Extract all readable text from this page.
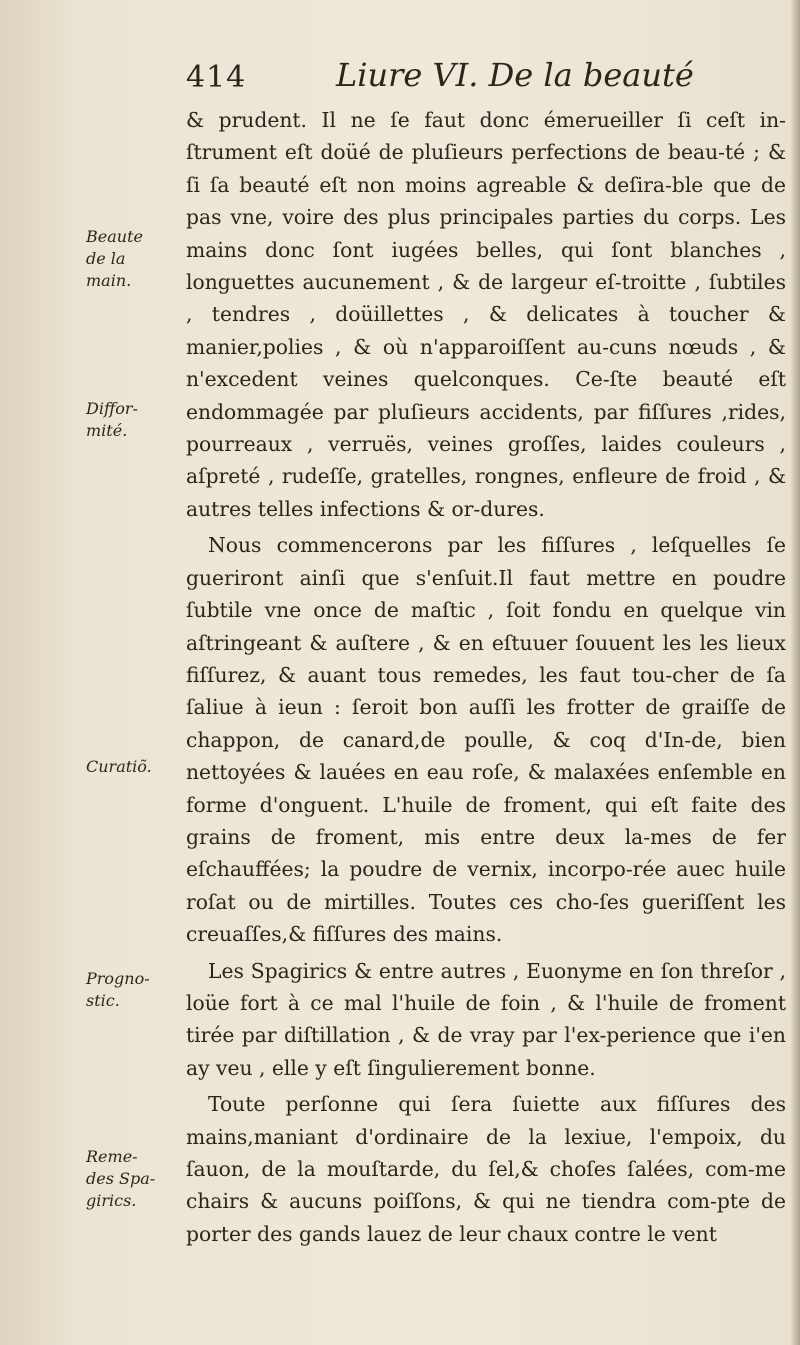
414	Liure VI. De la beauté
Beaute
de la
main.
Diffor-
mité.
Curatiõ.
Progno-
stic.
Reme-
des Spa-
girics.

& prudent. Il ne ſe faut donc émerueiller ſi ceſt in-ſtrument eſt doüé de pluſieurs perfections de beau-té ; & ſi ſa beauté eſt non moins agreable & deſira-ble que de pas vne, voire des plus principales parties du corps. Les mains donc ſont iugées belles, qui ſont blanches , longuettes aucunement , & de largeur eſ-troitte , ſubtiles , tendres , doüillettes , & delicates à toucher & manier,polies , & où n'apparoiſſent au-cuns nœuds , & n'excedent veines quelconques. Ce-ſte beauté eſt endommagée par pluſieurs accidents, par fiſſures ,rides, pourreaux , verruës, veines groſſes, laides couleurs , aſpreté , rudeſſe, gratelles, rongnes, enfleure de froid , & autres telles infections & or-dures.

Nous commencerons par les fiſſures , leſquelles ſe gueriront ainſi que s'enſuit.Il faut mettre en poudre ſubtile vne once de maſtic , ſoit fondu en quelque vin aſtringeant & auſtere , & en eſtuuer ſouuent les les lieux fiſſurez, & auant tous remedes, les faut tou-cher de ſa ſaliue à ieun : ſeroit bon auſſi les frotter de graiſſe de chappon, de canard,de poulle, & coq d'In-de, bien nettoyées & lauées en eau roſe, & malaxées enſemble en forme d'onguent. L'huile de froment, qui eſt faite des grains de froment, mis entre deux la-mes de fer eſchauffées; la poudre de vernix, incorpo-rée auec huile roſat ou de mirtilles. Toutes ces cho-ſes gueriſſent les creuaſſes,& fiſſures des mains.

Les Spagirics & entre autres , Euonyme en ſon threſor , loüe fort à ce mal l'huile de foin , & l'huile de froment tirée par diſtillation , & de vray par l'ex-perience que i'en ay veu , elle y eſt ſingulierement bonne.

Toute perſonne qui ſera ſuiette aux fiſſures des mains,maniant d'ordinaire de la lexiue, l'empoix, du ſauon, de la mouſtarde, du ſel,& choſes ſalées, com-me chairs & aucuns poiſſons, & qui ne tiendra com-pte de porter des gands lauez de leur chaux contre le vent
